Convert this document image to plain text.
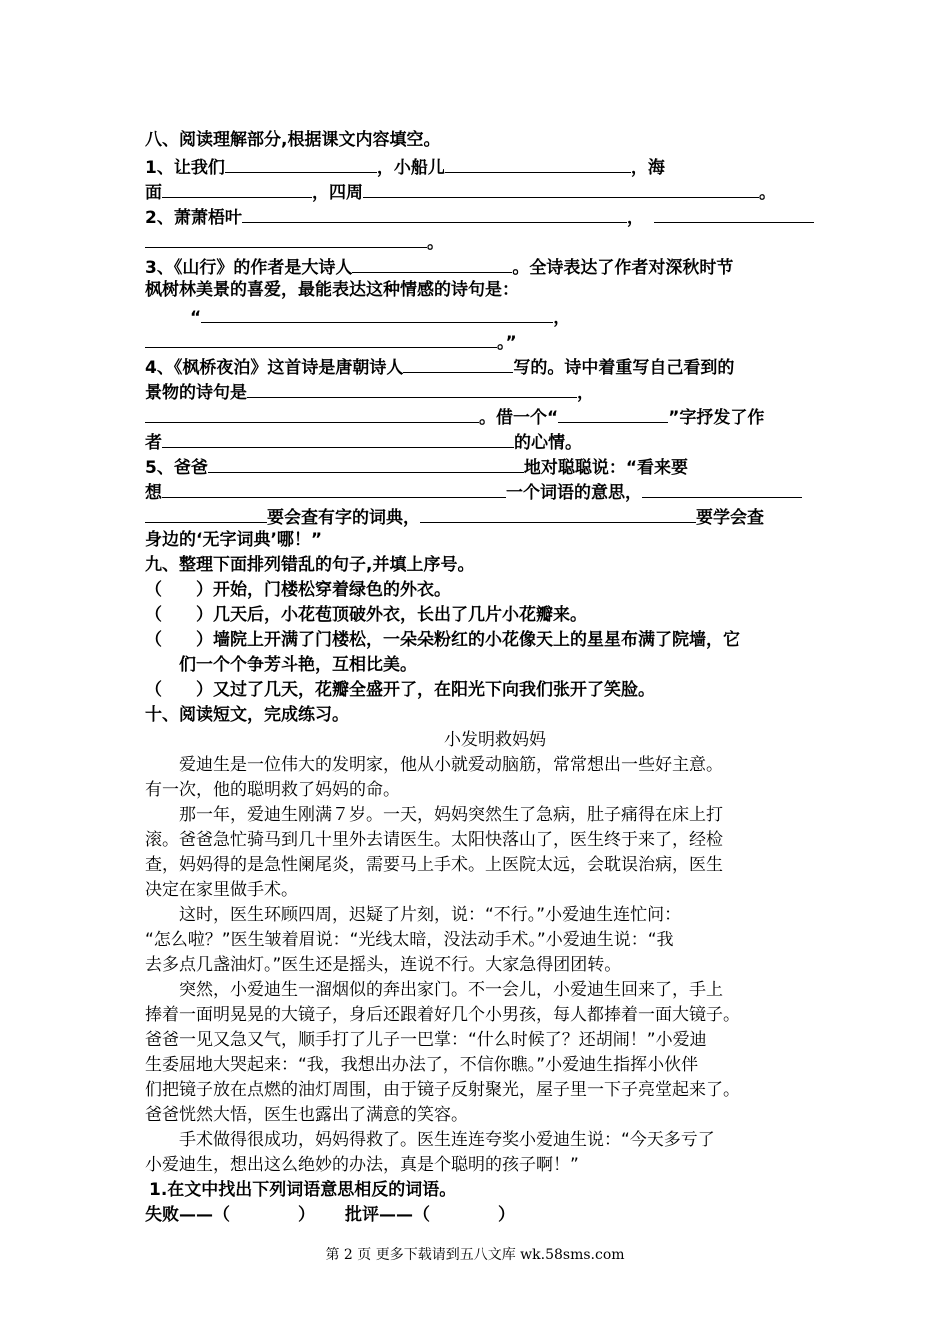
八、阅读理解部分,根据课文内容填空。
1、让我们	，小船儿	，海
面	，四周	。
2、萧萧梧叶	，
。
3、《山行》的作者是大诗人	。全诗表达了作者对深秋时节
枫树林美景的喜爱，最能表达这种情感的诗句是：
“	，
。”
4、《枫桥夜泊》这首诗是唐朝诗人	写的。诗中着重写自己看到的
景物的诗句是	，
。借一个“	”字抒发了作
者	的心情。
5、爸爸	地对聪聪说：“看来要
想	一个词语的意思，
要会查有字的词典，	要学会查
身边的‘无字词典’哪！”
九、整理下面排列错乱的句子,并填上序号。
（　　）开始，门楼松穿着绿色的外衣。
（　　）几天后，小花苞顶破外衣，长出了几片小花瓣来。
（　　）墙院上开满了门楼松，一朵朵粉红的小花像天上的星星布满了院墙，它
们一个个争芳斗艳，互相比美。
（　　）又过了几天，花瓣全盛开了，在阳光下向我们张开了笑脸。
十、阅读短文，完成练习。
小发明救妈妈
爱迪生是一位伟大的发明家，他从小就爱动脑筋，常常想出一些好主意。
有一次，他的聪明救了妈妈的命。
那一年，爱迪生刚满７岁。一天，妈妈突然生了急病，肚子痛得在床上打
滚。爸爸急忙骑马到几十里外去请医生。太阳快落山了，医生终于来了，经检
查，妈妈得的是急性阑尾炎，需要马上手术。上医院太远，会耽误治病，医生
决定在家里做手术。
这时，医生环顾四周，迟疑了片刻，说：“不行。”小爱迪生连忙问：
“怎么啦？”医生皱着眉说：“光线太暗，没法动手术。”小爱迪生说：“我
去多点几盏油灯。”医生还是摇头，连说不行。大家急得团团转。
突然，小爱迪生一溜烟似的奔出家门。不一会儿，小爱迪生回来了，手上
捧着一面明晃晃的大镜子，身后还跟着好几个小男孩，每人都捧着一面大镜子。
爸爸一见又急又气，顺手打了儿子一巴掌：“什么时候了？还胡闹！”小爱迪
生委屈地大哭起来：“我，我想出办法了，不信你瞧。”小爱迪生指挥小伙伴
们把镜子放在点燃的油灯周围，由于镜子反射聚光，屋子里一下子亮堂起来了。
爸爸恍然大悟，医生也露出了满意的笑容。
手术做得很成功，妈妈得救了。医生连连夸奖小爱迪生说：“今天多亏了
小爱迪生，想出这么绝妙的办法，真是个聪明的孩子啊！”
1.在文中找出下列词语意思相反的词语。
失败——（　　　　） 批评——（　　　　）
第 2 页 更多下载请到五八文库 wk.58sms.com
